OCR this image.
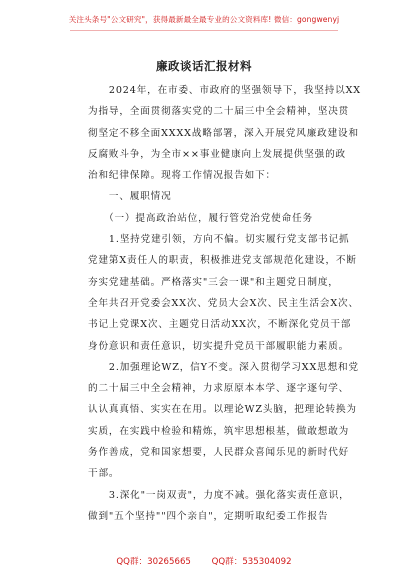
关注头条号"公文研究"，获得最新最全最专业的公文资料库! 微信：gongwenyj
廉政谈话汇报材料
　　2024年，在市委、市政府的坚强领导下，我坚持以XX
为指导，全面贯彻落实党的二十届三中全会精神，坚决贯
彻坚定不移全面XXXX战略部署，深入开展党风廉政建设和
反腐败斗争，为全市××事业健康向上发展提供坚强的政
治和纪律保障。现将工作情况报告如下：
　　一、履职情况
　　（一）提高政治站位，履行管党治党使命任务
　　1.坚持党建引领，方向不偏。切实履行党支部书记抓
党建第X责任人的职责，积极推进党支部规范化建设，不断
夯实党建基础。严格落实"三会一课"和主题党日制度，
全年共召开党委会XX次、党员大会X次、民主生活会X次、
书记上党课X次、主题党日活动XX次，不断深化党员干部
身份意识和责任意识，切实提升党员干部履职能力素质。
　　2.加强理论WZ，信Y不变。深入贯彻学习XX思想和党
的二十届三中全会精神，力求原原本本学、逐字逐句学、
认认真真悟、实实在在用。以理论WZ头脑，把理论转换为
实质，在实践中检验和精炼，筑牢思想根基，做敢想敢为
务作善成，党和国家想要，人民群众喜闻乐见的新时代好
干部。
　　3.深化"一岗双责"，力度不减。强化落实责任意识，
做到"五个坚持""四个亲自"，定期听取纪委工作报告
QQ群：30265665 QQ群：535304092
